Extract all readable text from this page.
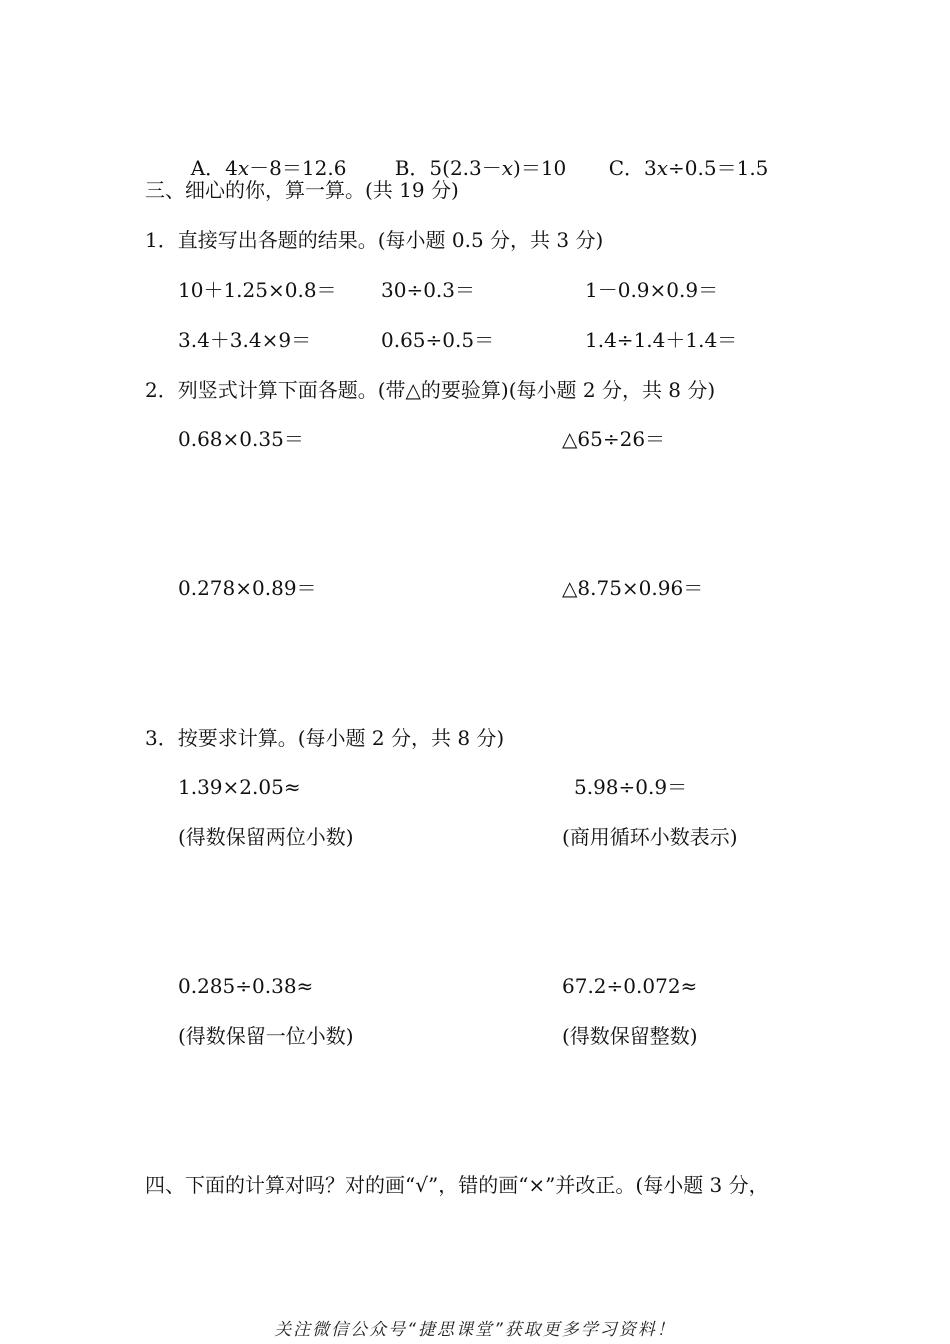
A．4x－8＝12.6	B．5(2.3－x)＝10	C．3x÷0.5＝1.5

三、细心的你，算一算。(共 19 分)
1．直接写出各题的结果。(每小题 0.5 分，共 3 分)
10＋1.25×0.8＝ 30÷0.3＝	1－0.9×0.9＝
3.4＋3.4×9＝	0.65÷0.5＝	1.4÷1.4＋1.4＝
2．列竖式计算下面各题。(带△的要验算)(每小题 2 分，共 8 分)
0.68×0.35＝	△65÷26＝
0.278×0.89＝	△8.75×0.96＝
3．按要求计算。(每小题 2 分，共 8 分)
1.39×2.05≈	5.98÷0.9＝
(得数保留两位小数)	(商用循环小数表示)
0.285÷0.38≈	67.2÷0.072≈
(得数保留一位小数)	(得数保留整数)
四、下面的计算对吗？对的画“√”，错的画“×”并改正。(每小题 3 分，
关注微信公众号“捷思课堂”获取更多学习资料！
